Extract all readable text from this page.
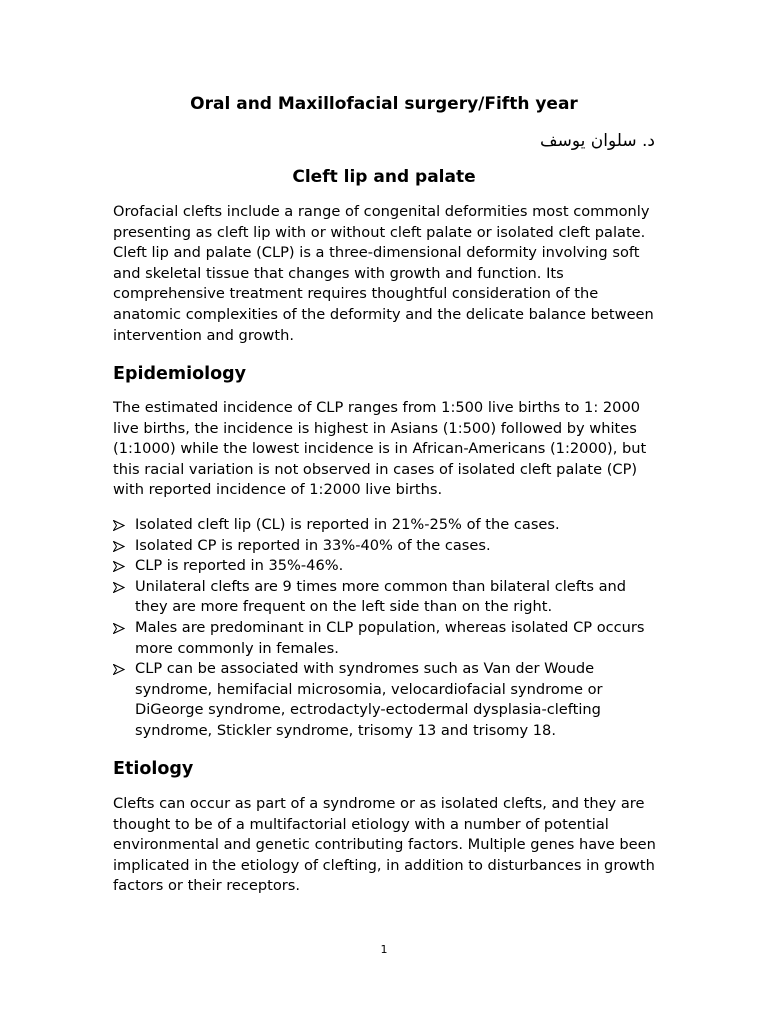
Oral and Maxillofacial surgery/Fifth year
د. سلوان يوسف
Cleft lip and palate

Orofacial clefts include a range of congenital deformities most commonly presenting as cleft lip with or without cleft palate or isolated cleft palate. Cleft lip and palate (CLP) is a three-dimensional deformity involving soft and skeletal tissue that changes with growth and function. Its comprehensive treatment requires thoughtful consideration of the anatomic complexities of the deformity and the delicate balance between intervention and growth.

Epidemiology

The estimated incidence of CLP ranges from 1:500 live births to 1: 2000 live births, the incidence is highest in Asians (1:500) followed by whites (1:1000) while the lowest incidence is in African-Americans (1:2000), but this racial variation is not observed in cases of isolated cleft palate (CP) with reported incidence of 1:2000 live births.

Isolated cleft lip (CL) is reported in 21%-25% of the cases.
Isolated CP is reported in 33%-40% of the cases.
CLP is reported in 35%-46%.
Unilateral clefts are 9 times more common than bilateral clefts and they are more frequent on the left side than on the right.
Males are predominant in CLP population, whereas isolated CP occurs more commonly in females.
CLP can be associated with syndromes such as Van der Woude syndrome, hemifacial microsomia, velocardiofacial syndrome or DiGeorge syndrome, ectrodactyly-ectodermal dysplasia-clefting syndrome, Stickler syndrome, trisomy 13 and trisomy 18.
Etiology

Clefts can occur as part of a syndrome or as isolated clefts, and they are thought to be of a multifactorial etiology with a number of potential environmental and genetic contributing factors. Multiple genes have been implicated in the etiology of clefting, in addition to disturbances in growth factors or their receptors.

1
